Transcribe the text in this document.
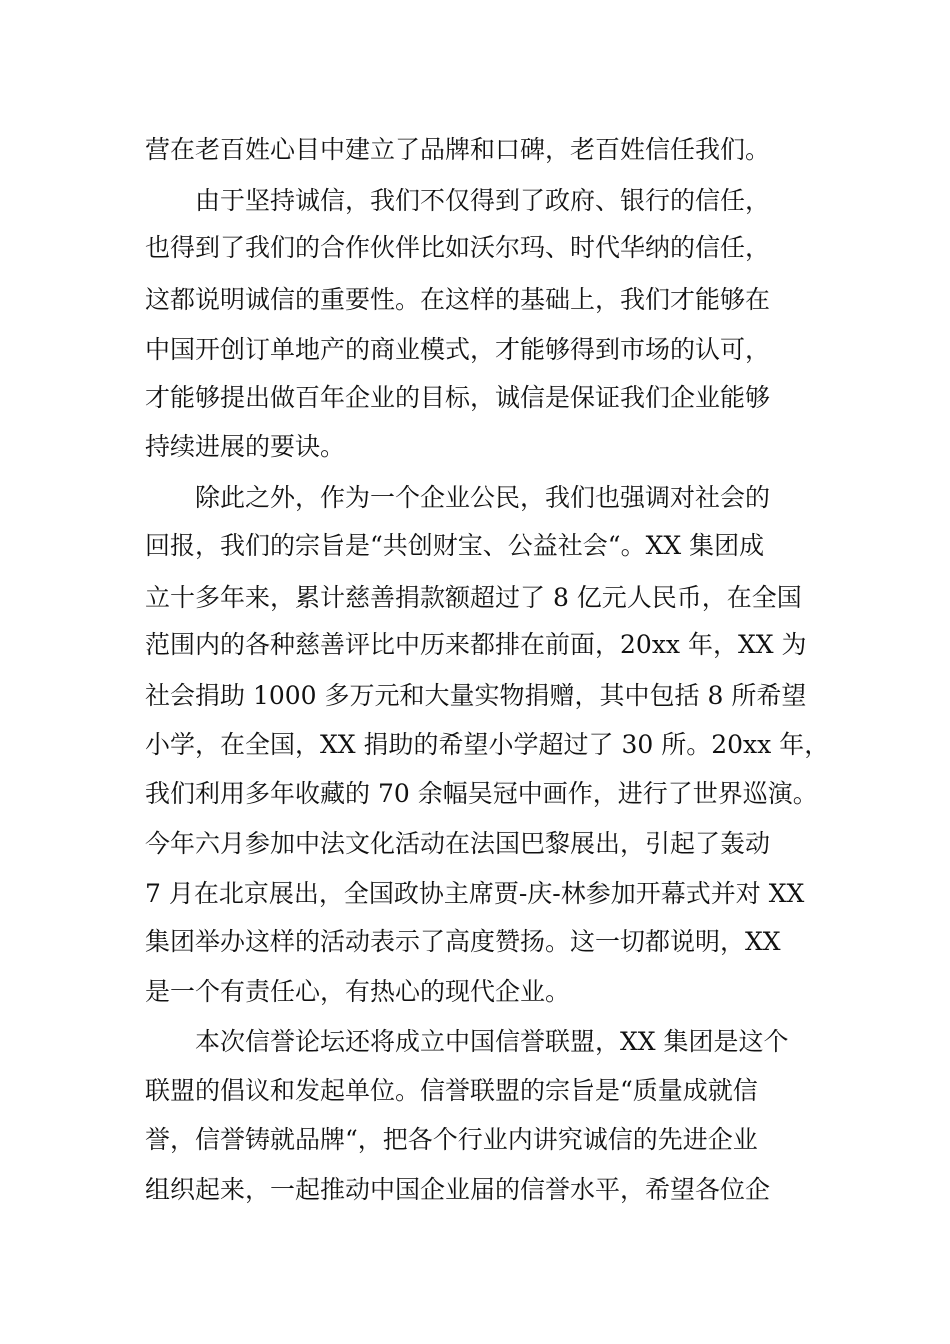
营在老百姓心目中建立了品牌和口碑，老百姓信任我们。
由于坚持诚信，我们不仅得到了政府、银行的信任，
也得到了我们的合作伙伴比如沃尔玛、时代华纳的信任，
这都说明诚信的重要性。在这样的基础上，我们才能够在
中国开创订单地产的商业模式，才能够得到市场的认可，
才能够提出做百年企业的目标，诚信是保证我们企业能够
持续进展的要诀。
除此之外，作为一个企业公民，我们也强调对社会的
回报，我们的宗旨是“共创财宝、公益社会“。XX 集团成
立十多年来，累计慈善捐款额超过了 8 亿元人民币，在全国
范围内的各种慈善评比中历来都排在前面，20xx 年，XX 为
社会捐助 1000 多万元和大量实物捐赠，其中包括 8 所希望
小学，在全国，XX 捐助的希望小学超过了 30 所。20xx 年，
我们利用多年收藏的 70 余幅吴冠中画作，进行了世界巡演。
今年六月参加中法文化活动在法国巴黎展出，引起了轰动
7 月在北京展出，全国政协主席贾-庆-林参加开幕式并对 XX
集团举办这样的活动表示了高度赞扬。这一切都说明，XX
是一个有责任心，有热心的现代企业。
本次信誉论坛还将成立中国信誉联盟，XX 集团是这个
联盟的倡议和发起单位。信誉联盟的宗旨是“质量成就信
誉，信誉铸就品牌“，把各个行业内讲究诚信的先进企业
组织起来，一起推动中国企业届的信誉水平，希望各位企
